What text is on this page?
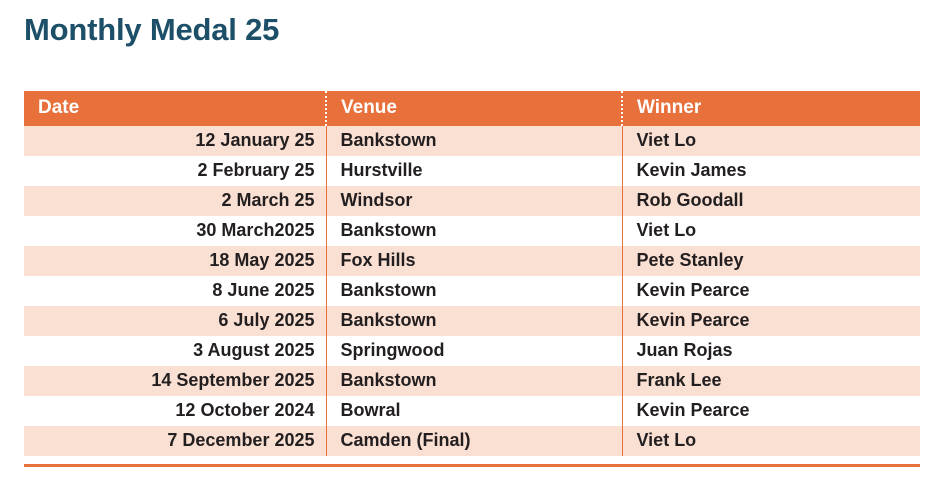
Monthly Medal 25
Date	Venue	Winner
12 January 25	Bankstown	Viet Lo
2 February 25	Hurstville	Kevin James
2 March 25	Windsor	Rob Goodall
30 March2025	Bankstown	Viet Lo
18 May 2025	Fox Hills	Pete Stanley
8 June 2025	Bankstown	Kevin Pearce
6 July 2025	Bankstown	Kevin Pearce
3 August 2025	Springwood	Juan Rojas
14 September 2025	Bankstown	Frank Lee
12 October 2024	Bowral	Kevin Pearce
7 December 2025	Camden (Final)	Viet Lo
